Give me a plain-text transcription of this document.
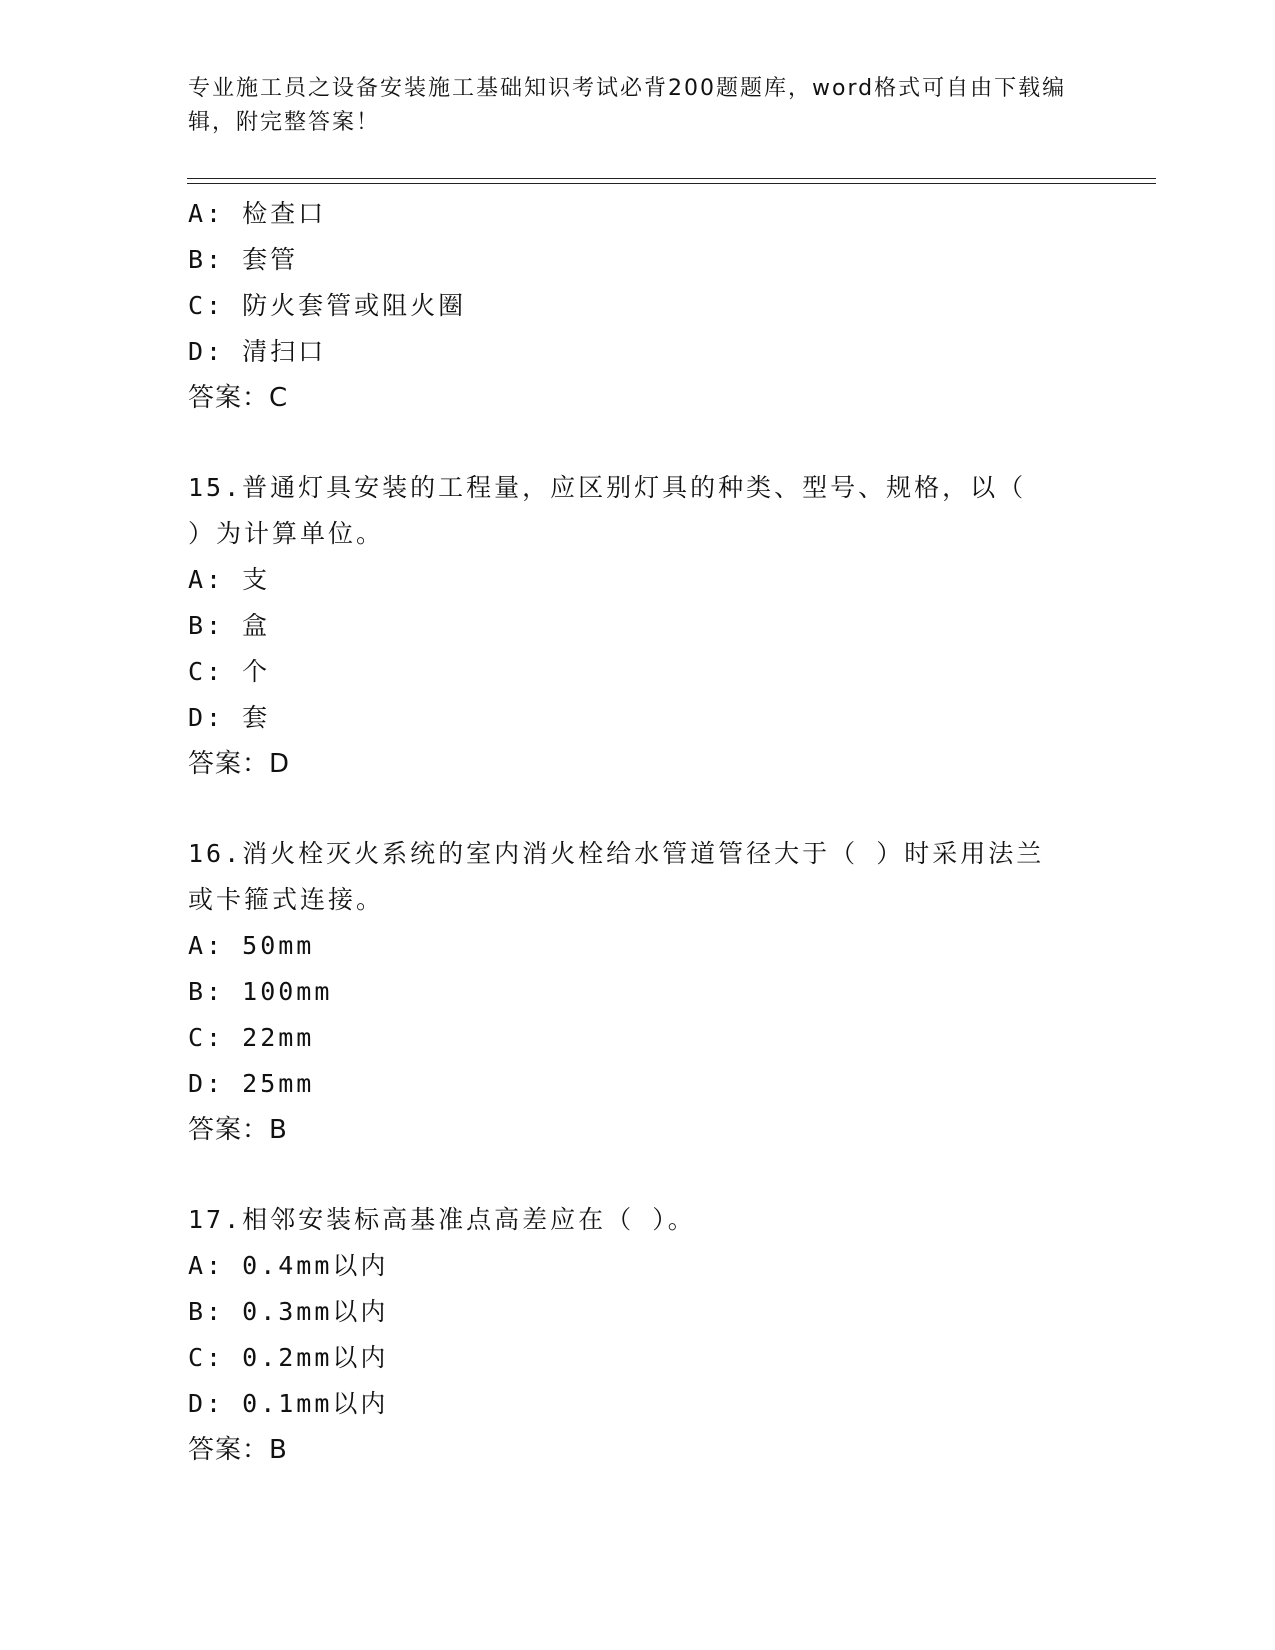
专业施工员之设备安装施工基础知识考试必背200题题库，word格式可自由下载编辑，附完整答案！
A: 检查口
B: 套管
C: 防火套管或阻火圈
D: 清扫口
答案：C
15.普通灯具安装的工程量，应区别灯具的种类、型号、规格，以（ ）为计算单位。
A: 支
B: 盒
C: 个
D: 套
答案：D
16.消火栓灭火系统的室内消火栓给水管道管径大于（ ）时采用法兰或卡箍式连接。
A: 50mm
B: 100mm
C: 22mm
D: 25mm
答案：B
17.相邻安装标高基准点高差应在（ ）。
A: 0.4mm以内
B: 0.3mm以内
C: 0.2mm以内
D: 0.1mm以内
答案：B
